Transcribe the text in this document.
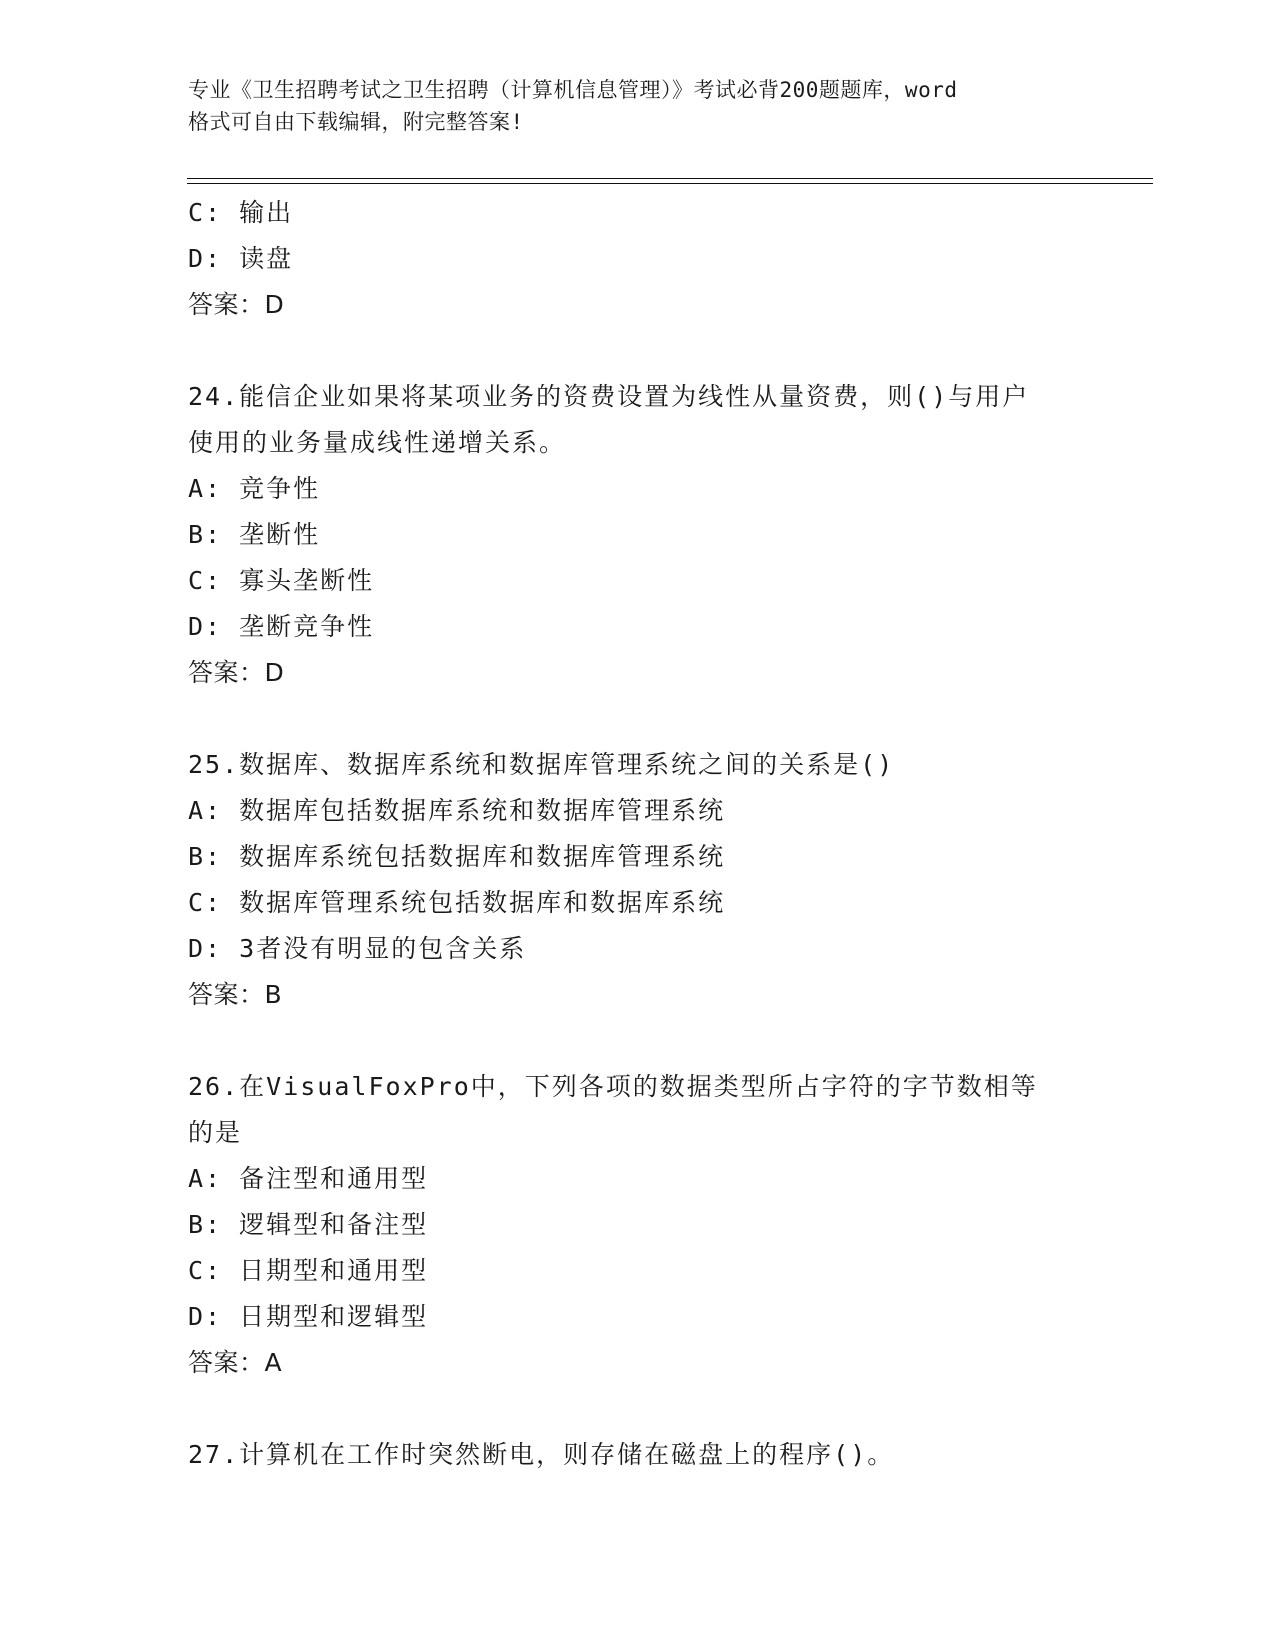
专业《卫生招聘考试之卫生招聘（计算机信息管理）》考试必背200题题库，word
格式可自由下载编辑，附完整答案!
C: 输出
D: 读盘
答案：D
24.能信企业如果将某项业务的资费设置为线性从量资费，则()与用户
使用的业务量成线性递增关系。
A: 竞争性
B: 垄断性
C: 寡头垄断性
D: 垄断竞争性
答案：D
25.数据库、数据库系统和数据库管理系统之间的关系是()
A: 数据库包括数据库系统和数据库管理系统
B: 数据库系统包括数据库和数据库管理系统
C: 数据库管理系统包括数据库和数据库系统
D: 3者没有明显的包含关系
答案：B
26.在VisualFoxPro中，下列各项的数据类型所占字符的字节数相等
的是
A: 备注型和通用型
B: 逻辑型和备注型
C: 日期型和通用型
D: 日期型和逻辑型
答案：A
27.计算机在工作时突然断电，则存储在磁盘上的程序()。
